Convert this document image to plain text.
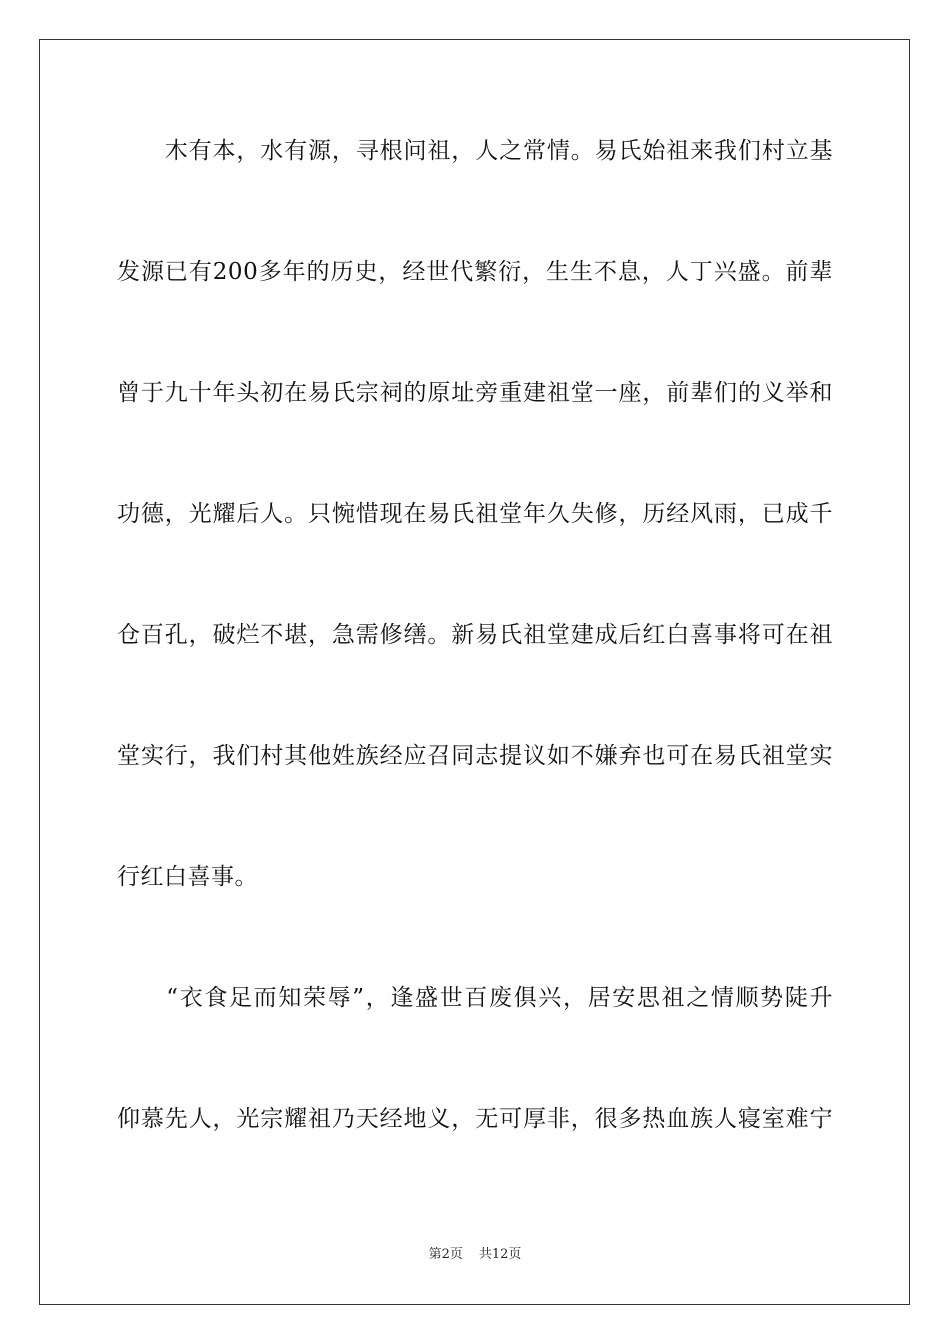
　　木有本，水有源，寻根问祖，人之常情。易氏始祖来我们村立基
发源已有200多年的历史，经世代繁衍，生生不息，人丁兴盛。前辈
曾于九十年头初在易氏宗祠的原址旁重建祖堂一座，前辈们的义举和
功德，光耀后人。只惋惜现在易氏祖堂年久失修，历经风雨，已成千
仓百孔，破烂不堪，急需修缮。新易氏祖堂建成后红白喜事将可在祖
堂实行，我们村其他姓族经应召同志提议如不嫌弃也可在易氏祖堂实
行红白喜事。
　　“衣食足而知荣辱”，逢盛世百废俱兴，居安思祖之情顺势陡升
仰慕先人，光宗耀祖乃天经地义，无可厚非，很多热血族人寝室难宁
第2页 共12页
